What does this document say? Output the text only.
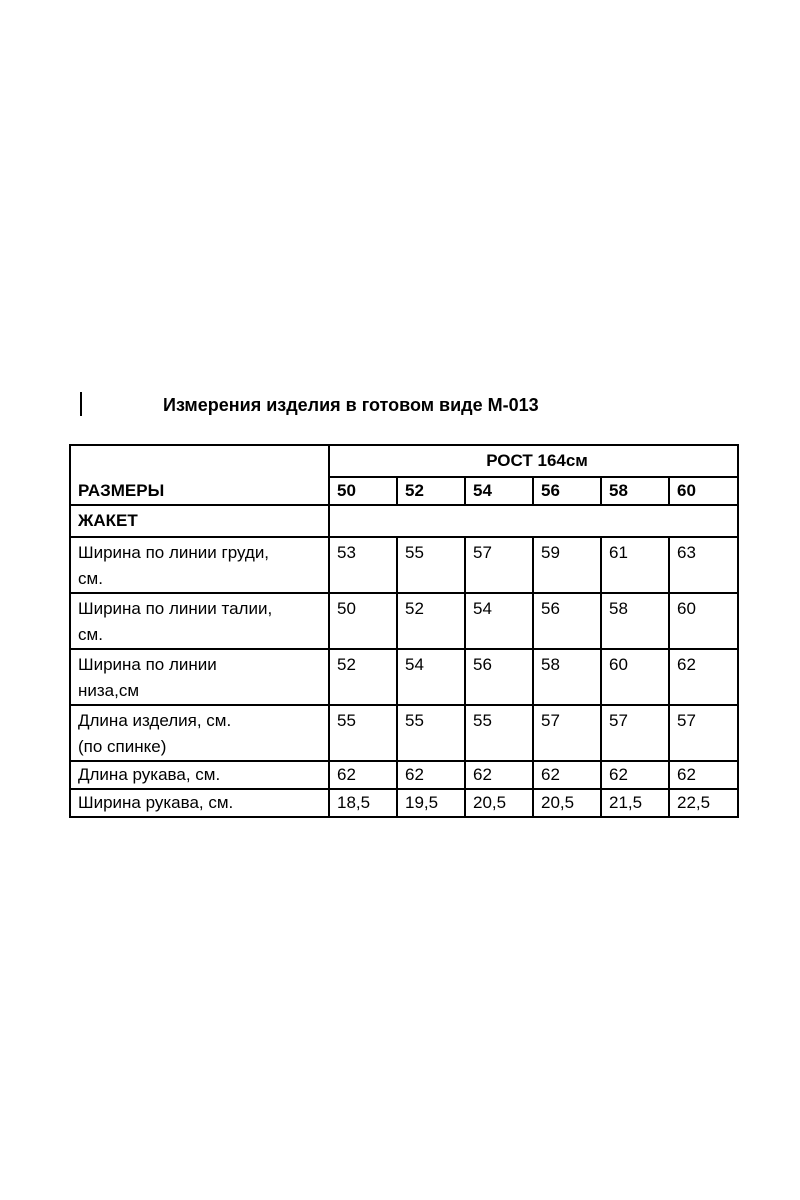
Измерения изделия в готовом виде М-013
РАЗМЕРЫ	РОСТ 164см					
	50	52	54	56	58	60
ЖАКЕТ						
Ширина по линии груди,
см.	53	55	57	59	61	63
Ширина по линии талии,
см.	50	52	54	56	58	60
Ширина по линии
низа,см	52	54	56	58	60	62
Длина изделия, см.
(по спинке)	55	55	55	57	57	57
Длина рукава, см.	62	62	62	62	62	62
Ширина рукава, см.	18,5	19,5	20,5	20,5	21,5	22,5
